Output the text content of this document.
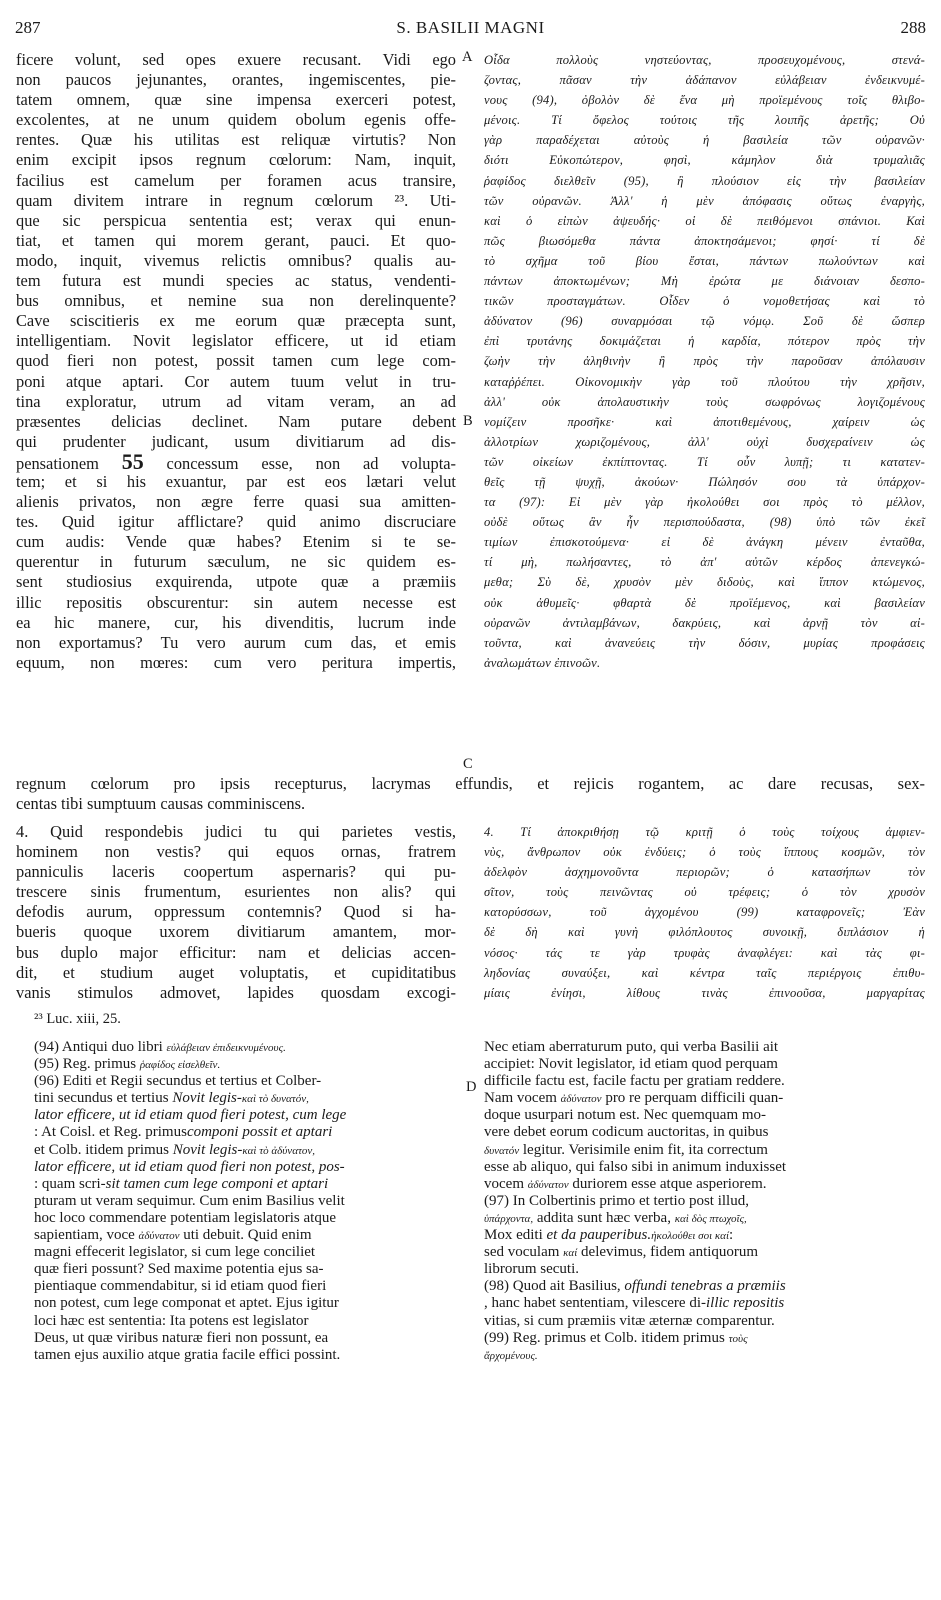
287	S. BASILII MAGNI	288
A
B
C
D
ficere volunt, sed opes exuere recusant. Vidi ego
non paucos jejunantes, orantes, ingemiscentes, pie-
tatem omnem, quæ sine impensa exerceri potest,
excolentes, at ne unum quidem obolum egenis offe-
rentes. Quæ his utilitas est reliquæ virtutis? Non
enim excipit ipsos regnum cœlorum: Nam, inquit,
facilius est camelum per foramen acus transire,
quam divitem intrare in regnum cœlorum ²³. Uti-
que sic perspicua sententia est; verax qui enun-
tiat, et tamen qui morem gerant, pauci. Et quo-
modo, inquit, vivemus relictis omnibus? qualis au-
tem futura est mundi species ac status, vendenti-
bus omnibus, et nemine sua non derelinquente?
Cave sciscitieris ex me eorum quæ præcepta sunt,
intelligentiam. Novit legislator efficere, ut id etiam
quod fieri non potest, possit tamen cum lege com-
poni atque aptari. Cor autem tuum velut in tru-
tina exploratur, utrum ad vitam veram, an ad
præsentes delicias declinet. Nam putare debent
qui prudenter judicant, usum divitiarum ad dis-
pensationem 55 concessum esse, non ad volupta-
tem; et si his exuantur, par est eos lætari velut
alienis privatos, non ægre ferre quasi sua amitten-
tes. Quid igitur afflictare? quid animo discruciare
cum audis: Vende quæ habes? Etenim si te se-
querentur in futurum sæculum, ne sic quidem es-
sent studiosius exquirenda, utpote quæ a præmiis
illic repositis obscurentur: sin autem necesse est
ea hic manere, cur, his divenditis, lucrum inde
non exportamus? Tu vero aurum cum das, et emis
equum, non mœres: cum vero peritura impertis,
Οἶδα πολλοὺς νηστεύοντας, προσευχομένους, στενά-
ζοντας, πᾶσαν τὴν ἀδάπανον εὐλάβειαν ἐνδεικνυμέ-
νους (94), ὀβολὸν δὲ ἕνα μὴ προϊεμένους τοῖς θλιβο-
μένοις. Τί ὄφελος τούτοις τῆς λοιπῆς ἀρετῆς; Οὐ
γὰρ παραδέχεται αὐτοὺς ἡ βασιλεία τῶν οὐρανῶν·
διότι Εὐκοπώτερον, φησὶ, κάμηλον διὰ τρυμαλιᾶς
ῥαφίδος διελθεῖν (95), ἢ πλούσιον εἰς τὴν βασιλείαν
τῶν οὐρανῶν. Ἀλλ' ἡ μὲν ἀπόφασις οὕτως ἐναργὴς,
καὶ ὁ εἰπὼν ἀψευδής· οἱ δὲ πειθόμενοι σπάνιοι. Καὶ
πῶς βιωσόμεθα πάντα ἀποκτησάμενοι; φησί· τί δὲ
τὸ σχῆμα τοῦ βίου ἔσται, πάντων πωλούντων καὶ
πάντων ἀποκτωμένων; Μὴ ἐρώτα με διάνοιαν δεσπο-
τικῶν προσταγμάτων. Οἶδεν ὁ νομοθετήσας καὶ τὸ
ἀδύνατον (96) συναρμόσαι τῷ νόμῳ. Σοῦ δὲ ὥσπερ
ἐπὶ τρυτάνης δοκιμάζεται ἡ καρδία, πότερον πρὸς τὴν
ζωὴν τὴν ἀληθινὴν ἢ πρὸς τὴν παροῦσαν ἀπόλαυσιν
καταῤῥέπει. Οἰκονομικὴν γὰρ τοῦ πλούτου τὴν χρῆσιν,
ἀλλ' οὐκ ἀπολαυστικὴν τοὺς σωφρόνως λογιζομένους
νομίζειν προσῆκε· καὶ ἀποτιθεμένους, χαίρειν ὡς
ἀλλοτρίων χωριζομένους, ἀλλ' οὐχὶ δυσχεραίνειν ὡς
τῶν οἰκείων ἐκπίπτοντας. Τί οὖν λυπῇ; τι κατατεν-
θεῖς τῇ ψυχῇ, ἀκούων· Πώλησόν σου τὰ ὑπάρχον-
τα (97): Εἰ μὲν γὰρ ἠκολούθει σοι πρὸς τὸ μέλλον,
οὐδὲ οὕτως ἂν ἦν περισπούδαστα, (98) ὑπὸ τῶν ἐκεῖ
τιμίων ἐπισκοτούμενα· εἰ δὲ ἀνάγκη μένειν ἐνταῦθα,
τί μὴ, πωλήσαντες, τὸ ἀπ' αὐτῶν κέρδος ἀπενεγκώ-
μεθα; Σὺ δὲ, χρυσὸν μὲν διδοὺς, καὶ ἵππον κτώμενος,
οὐκ ἀθυμεῖς· φθαρτὰ δὲ προϊέμενος, καὶ βασιλείαν
οὐρανῶν ἀντιλαμβάνων, δακρύεις, καὶ ἀρνῇ τὸν αἰ-
τοῦντα, καὶ ἀνανεύεις τὴν δόσιν, μυρίας προφάσεις
ἀναλωμάτων ἐπινοῶν.
regnum cœlorum pro ipsis recepturus, lacrymas effundis, et rejicis rogantem, ac dare recusas, sex-
centas tibi sumptuum causas comminiscens.
4. Quid respondebis judici tu qui parietes vestis,
hominem non vestis? qui equos ornas, fratrem
panniculis laceris coopertum aspernaris? qui pu-
trescere sinis frumentum, esurientes non alis? qui
defodis aurum, oppressum contemnis? Quod si ha-
bueris quoque uxorem divitiarum amantem, mor-
bus duplo major efficitur: nam et delicias accen-
dit, et studium auget voluptatis, et cupiditatibus
vanis stimulos admovet, lapides quosdam excogi-
4. Τί ἀποκριθήσῃ τῷ κριτῇ ὁ τοὺς τοίχους ἀμφιεν-
νὺς, ἄνθρωπον οὐκ ἐνδύεις; ὁ τοὺς ἵππους κοσμῶν, τὸν
ἀδελφὸν ἀσχημονοῦντα περιορῶν; ὁ κατασήπων τὸν
σῖτον, τοὺς πεινῶντας οὐ τρέφεις; ὁ τὸν χρυσὸν
κατορύσσων, τοῦ ἀγχομένου (99) καταφρονεῖς; Ἐὰν
δὲ δὴ καὶ γυνὴ φιλόπλουτος συνοικῇ, διπλάσιον ἡ
νόσος· τάς τε γὰρ τρυφὰς ἀναφλέγει: καὶ τὰς φι-
ληδονίας συναύξει, καὶ κέντρα ταῖς περιέργοις ἐπιθυ-
μίαις ἐνίησι, λίθους τινὰς ἐπινοοῦσα, μαργαρίτας
²³ Luc. xiii, 25.
(94) Antiqui duo libri εὐλάβειαν ἐπιδεικνυμένους.
(95) Reg. primus ῥαφίδος εἰσελθεῖν.
(96) Editi et Regii secundus et tertius et Colber-
tini secundus et tertius Novit legis-καὶ τὸ δυνατόν,
lator efficere, ut id etiam quod fieri potest, cum lege
: At Coisl. et Reg. primuscomponi possit et aptari
et Colb. itidem primus Novit legis-καὶ τὸ ἀδύνατον,
lator efficere, ut id etiam quod fieri non potest, pos-
: quam scri-sit tamen cum lege componi et aptari
pturam ut veram sequimur. Cum enim Basilius velit
hoc loco commendare potentiam legislatoris atque
sapientiam, voce ἀδύνατον uti debuit. Quid enim
magni effecerit legislator, si cum lege conciliet
quæ fieri possunt? Sed maxime potentia ejus sa-
pientiaque commendabitur, si id etiam quod fieri
non potest, cum lege componat et aptet. Ejus igitur
loci hæc est sententia: Ita potens est legislator
Deus, ut quæ viribus naturæ fieri non possunt, ea
tamen ejus auxilio atque gratia facile effici possint.
Nec etiam aberraturum puto, qui verba Basilii ait
accipiet: Novit legislator, id etiam quod perquam
difficile factu est, facile factu per gratiam reddere.
Nam vocem ἀδύνατον pro re perquam difficili quan-
doque usurpari notum est. Nec quemquam mo-
vere debet eorum codicum auctoritas, in quibus
δυνατόν legitur. Verisimile enim fit, ita correctum
esse ab aliquo, qui falso sibi in animum induxisset
vocem ἀδύνατον duriorem esse atque asperiorem.
(97) In Colbertinis primo et tertio post illud,
ὑπάρχοντα, addita sunt hæc verba, καὶ δὸς πτωχοῖς,
Mox editi et da pauperibus.ἠκολούθει σοι καί:
sed voculam καί delevimus, fidem antiquorum
librorum secuti.
(98) Quod ait Basilius, offundi tenebras a præmiis
, hanc habet sententiam, vilescere di-illic repositis
vitias, si cum præmiis vitæ æternæ comparentur.
(99) Reg. primus et Colb. itidem primus τοὺς
ἄρχομένους.
